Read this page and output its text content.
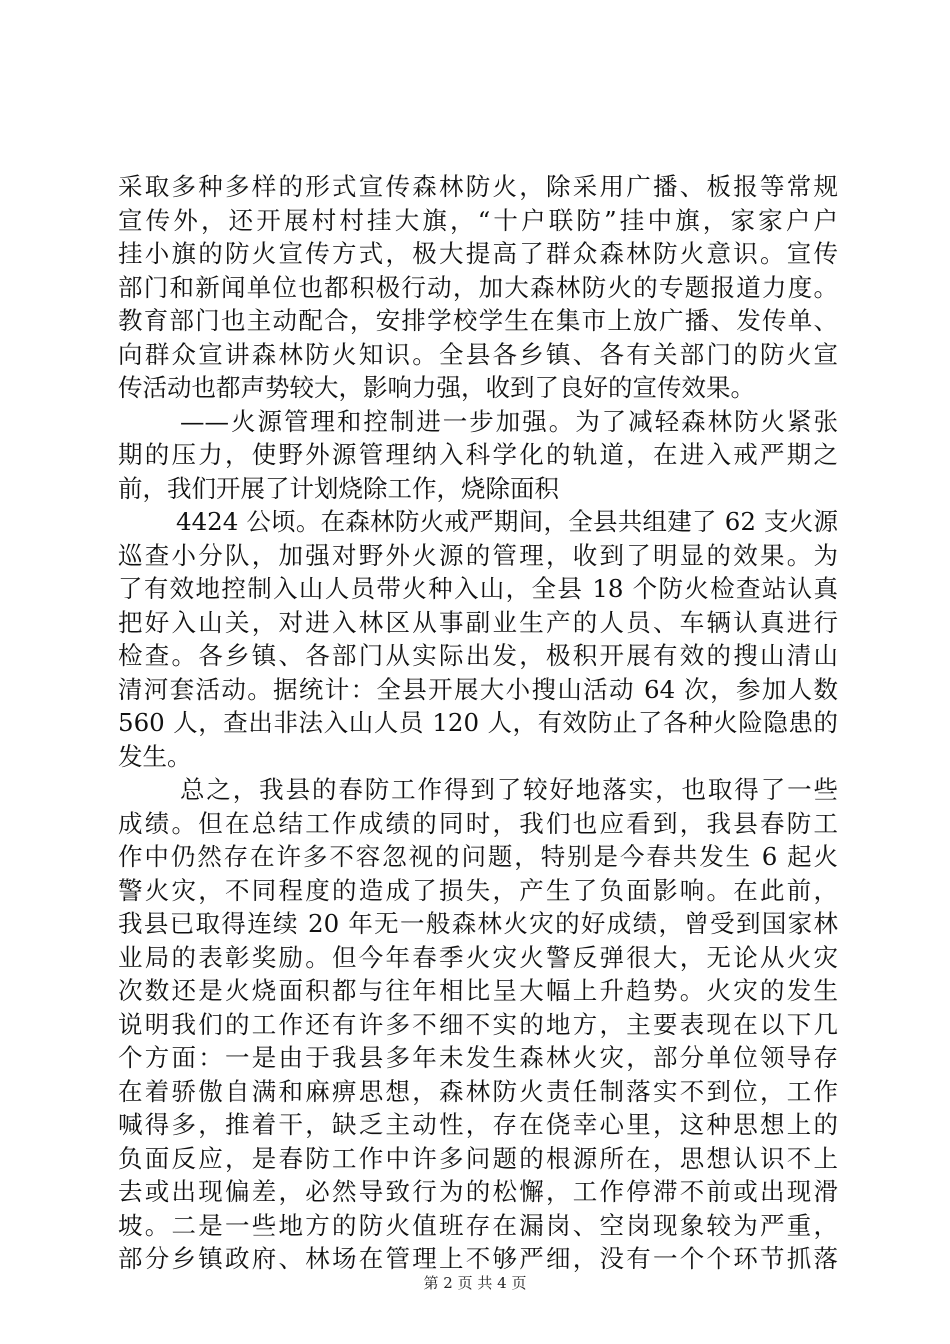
采取多种多样的形式宣传森林防火，除采用广播、板报等常规
宣传外，还开展村村挂大旗，“十户联防”挂中旗，家家户户
挂小旗的防火宣传方式，极大提高了群众森林防火意识。宣传
部门和新闻单位也都积极行动，加大森林防火的专题报道力度。
教育部门也主动配合，安排学校学生在集市上放广播、发传单、
向群众宣讲森林防火知识。全县各乡镇、各有关部门的防火宣
传活动也都声势较大，影响力强，收到了良好的宣传效果。
——火源管理和控制进一步加强。为了减轻森林防火紧张
期的压力，使野外源管理纳入科学化的轨道，在进入戒严期之
前，我们开展了计划烧除工作，烧除面积
4424 公顷。在森林防火戒严期间，全县共组建了 62 支火源
巡查小分队，加强对野外火源的管理，收到了明显的效果。为
了有效地控制入山人员带火种入山，全县 18 个防火检查站认真
把好入山关，对进入林区从事副业生产的人员、车辆认真进行
检查。各乡镇、各部门从实际出发，极积开展有效的搜山清山
清河套活动。据统计：全县开展大小搜山活动 64 次，参加人数
560 人，查出非法入山人员 120 人，有效防止了各种火险隐患的
发生。
总之，我县的春防工作得到了较好地落实，也取得了一些
成绩。但在总结工作成绩的同时，我们也应看到，我县春防工
作中仍然存在许多不容忽视的问题，特别是今春共发生 6 起火
警火灾，不同程度的造成了损失，产生了负面影响。在此前，
我县已取得连续 20 年无一般森林火灾的好成绩，曾受到国家林
业局的表彰奖励。但今年春季火灾火警反弹很大，无论从火灾
次数还是火烧面积都与往年相比呈大幅上升趋势。火灾的发生
说明我们的工作还有许多不细不实的地方，主要表现在以下几
个方面：一是由于我县多年未发生森林火灾，部分单位领导存
在着骄傲自满和麻痹思想，森林防火责任制落实不到位，工作
喊得多，推着干，缺乏主动性，存在侥幸心里，这种思想上的
负面反应，是春防工作中许多问题的根源所在，思想认识不上
去或出现偏差，必然导致行为的松懈，工作停滞不前或出现滑
坡。二是一些地方的防火值班存在漏岗、空岗现象较为严重，
部分乡镇政府、林场在管理上不够严细，没有一个个环节抓落
第 2 页 共 4 页
